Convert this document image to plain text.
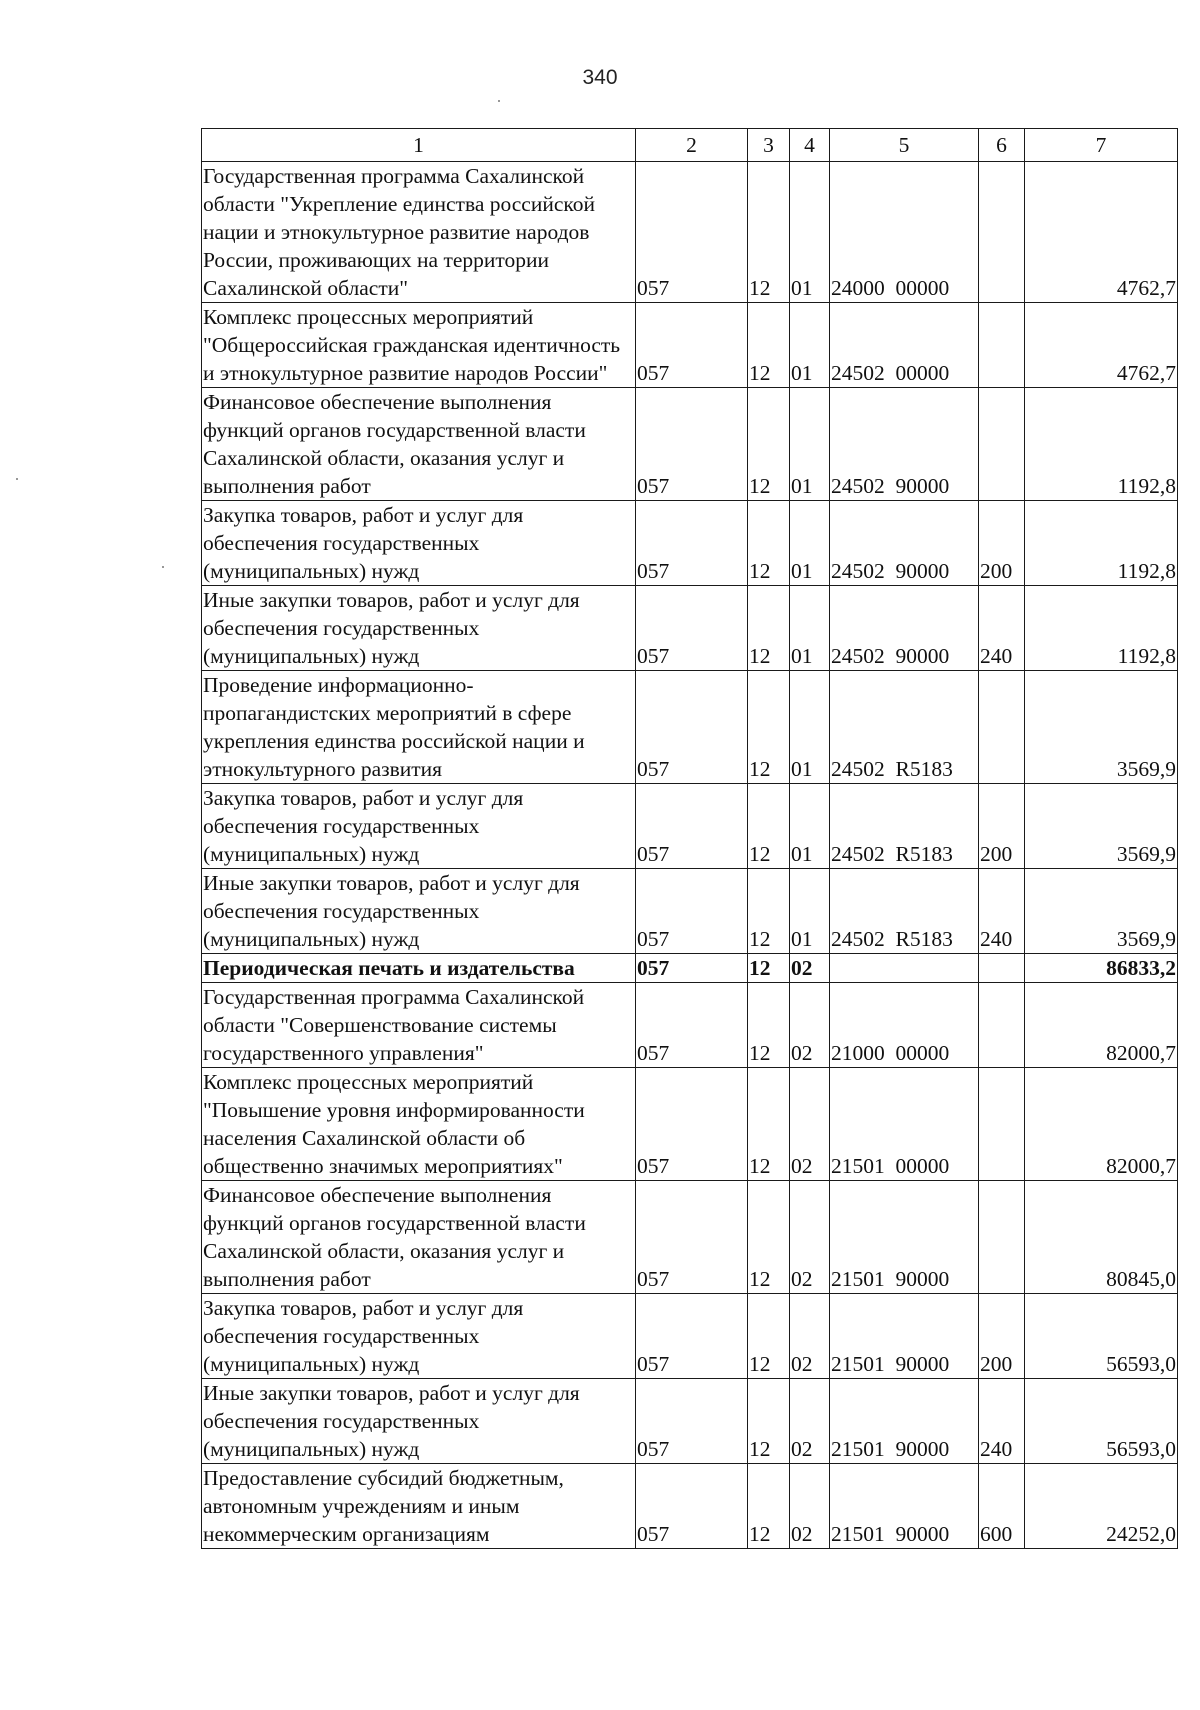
340
1	2	3	4	5	6	7
Государственная программа Сахалинской области "Укрепление единства российской нации и этнокультурное развитие народов России, проживающих на территории Сахалинской области"	057	12	01	24000  00000		4762,7
Комплекс процессных мероприятий "Общероссийская гражданская идентичность и этнокультурное развитие народов России"	057	12	01	24502  00000		4762,7
Финансовое обеспечение выполнения функций органов государственной власти Сахалинской области, оказания услуг и выполнения работ	057	12	01	24502  90000		1192,8
Закупка товаров, работ и услуг для обеспечения государственных (муниципальных) нужд	057	12	01	24502  90000	200	1192,8
Иные закупки товаров, работ и услуг для обеспечения государственных (муниципальных) нужд	057	12	01	24502  90000	240	1192,8
Проведение информационно-пропагандистских мероприятий в сфере укрепления единства российской нации и этнокультурного развития	057	12	01	24502  R5183		3569,9
Закупка товаров, работ и услуг для обеспечения государственных (муниципальных) нужд	057	12	01	24502  R5183	200	3569,9
Иные закупки товаров, работ и услуг для обеспечения государственных (муниципальных) нужд	057	12	01	24502  R5183	240	3569,9
Периодическая печать и издательства	057	12	02			86833,2
Государственная программа Сахалинской области "Совершенствование системы государственного управления"	057	12	02	21000  00000		82000,7
Комплекс процессных мероприятий "Повышение уровня информированности населения Сахалинской области об общественно значимых мероприятиях"	057	12	02	21501  00000		82000,7
Финансовое обеспечение выполнения функций органов государственной власти Сахалинской области, оказания услуг и выполнения работ	057	12	02	21501  90000		80845,0
Закупка товаров, работ и услуг для обеспечения государственных (муниципальных) нужд	057	12	02	21501  90000	200	56593,0
Иные закупки товаров, работ и услуг для обеспечения государственных (муниципальных) нужд	057	12	02	21501  90000	240	56593,0
Предоставление субсидий бюджетным, автономным учреждениям и иным некоммерческим организациям	057	12	02	21501  90000	600	24252,0
